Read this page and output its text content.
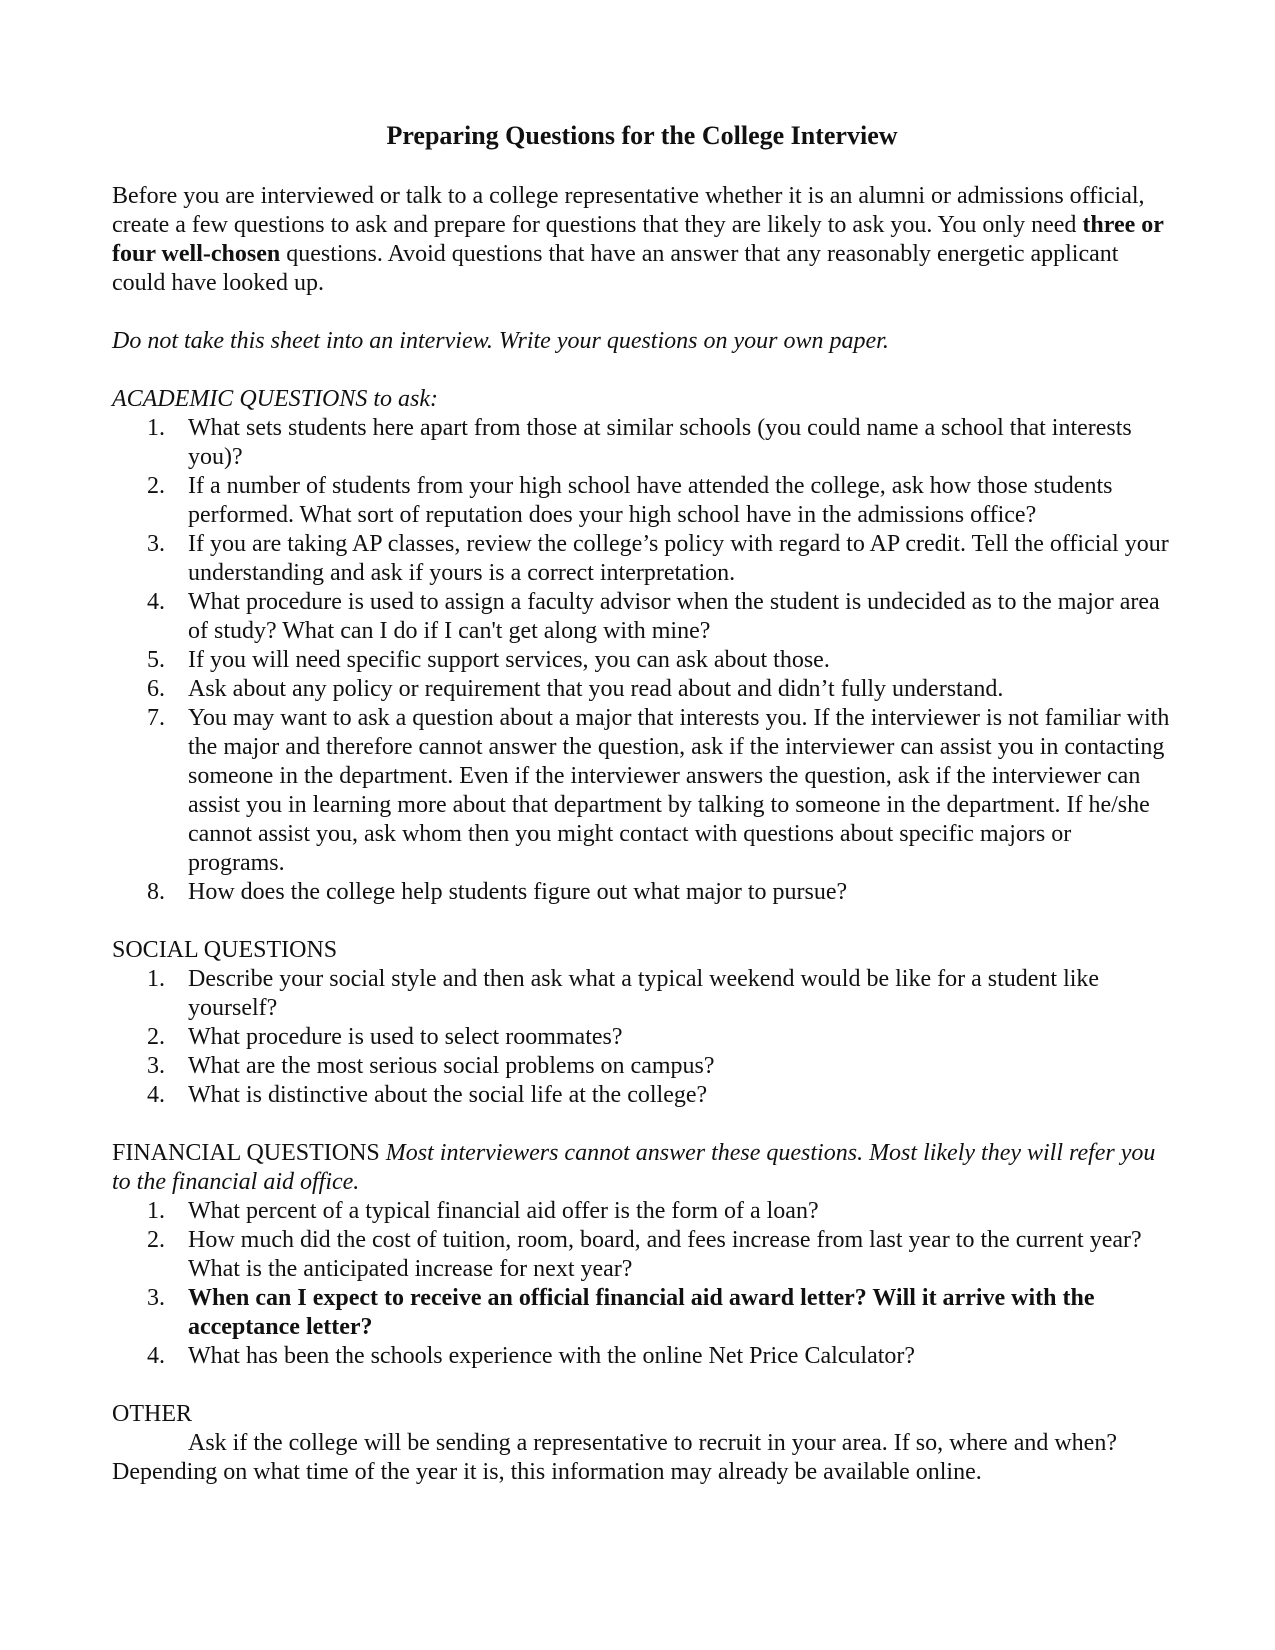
Preparing Questions for the College Interview

Before you are interviewed or talk to a college representative whether it is an alumni or admissions official, create a few questions to ask and prepare for questions that they are likely to ask you. You only need three or four well-chosen questions. Avoid questions that have an answer that any reasonably energetic applicant could have looked up.

Do not take this sheet into an interview. Write your questions on your own paper.

ACADEMIC QUESTIONS to ask:

1. What sets students here apart from those at similar schools (you could name a school that interests you)?
2. If a number of students from your high school have attended the college, ask how those students performed. What sort of reputation does your high school have in the admissions office?
3. If you are taking AP classes, review the college’s policy with regard to AP credit. Tell the official your understanding and ask if yours is a correct interpretation.
4. What procedure is used to assign a faculty advisor when the student is undecided as to the major area of study? What can I do if I can't get along with mine?
5. If you will need specific support services, you can ask about those.
6. Ask about any policy or requirement that you read about and didn’t fully understand.
7. You may want to ask a question about a major that interests you. If the interviewer is not familiar with the major and therefore cannot answer the question, ask if the interviewer can assist you in contacting someone in the department. Even if the interviewer answers the question, ask if the interviewer can assist you in learning more about that department by talking to someone in the department. If he/she cannot assist you, ask whom then you might contact with questions about specific majors or programs.
8. How does the college help students figure out what major to pursue?

SOCIAL QUESTIONS

1. Describe your social style and then ask what a typical weekend would be like for a student like yourself?
2. What procedure is used to select roommates?
3. What are the most serious social problems on campus?
4. What is distinctive about the social life at the college?

FINANCIAL QUESTIONS Most interviewers cannot answer these questions. Most likely they will refer you to the financial aid office.

1. What percent of a typical financial aid offer is the form of a loan?
2. How much did the cost of tuition, room, board, and fees increase from last year to the current year? What is the anticipated increase for next year?
3. When can I expect to receive an official financial aid award letter? Will it arrive with the acceptance letter?
4. What has been the schools experience with the online Net Price Calculator?

OTHER

Ask if the college will be sending a representative to recruit in your area. If so, where and when? Depending on what time of the year it is, this information may already be available online.
